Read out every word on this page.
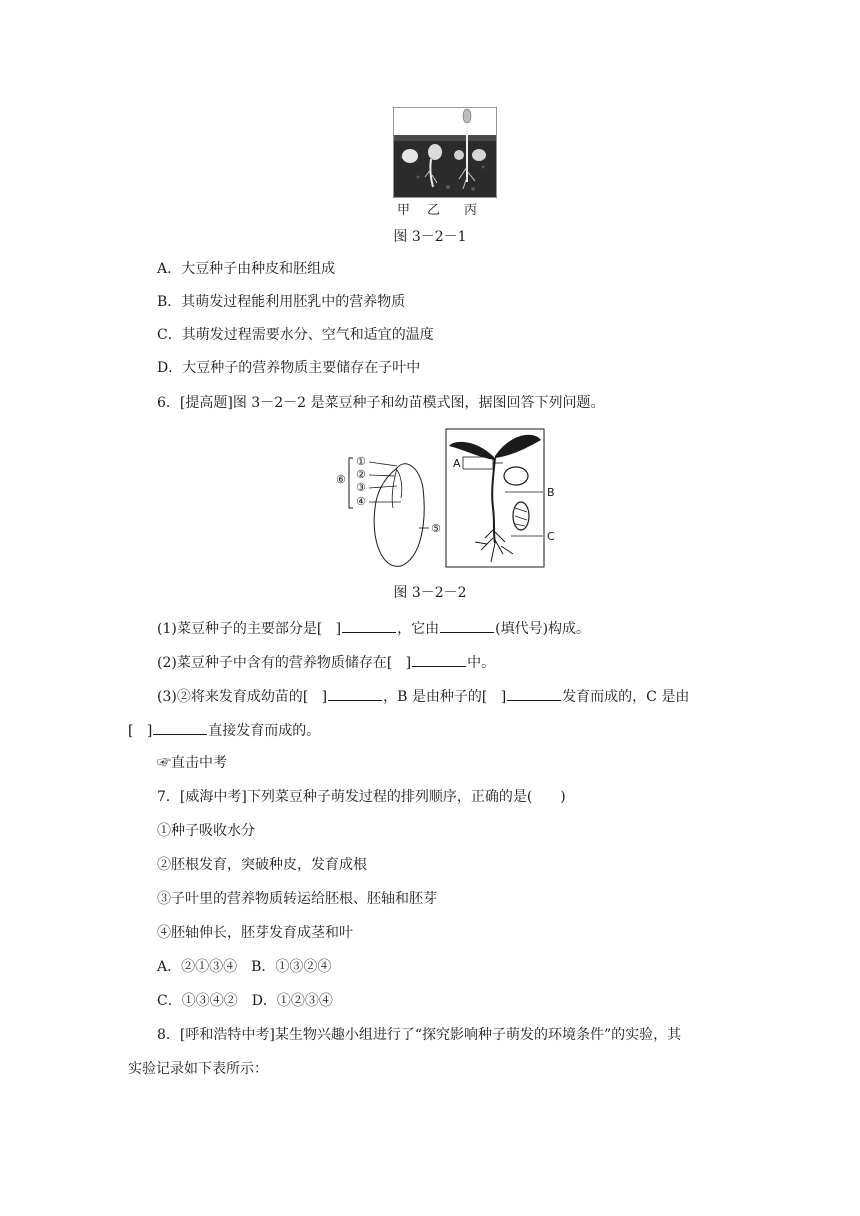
甲 乙 丙
图 3－2－1
A．大豆种子由种皮和胚组成
B．其萌发过程能利用胚乳中的营养物质
C．其萌发过程需要水分、空气和适宜的温度
D．大豆种子的营养物质主要储存在子叶中
6．[提高题]图 3－2－2 是菜豆种子和幼苗模式图，据图回答下列问题。
⑥
①
②
③
④
⑤
A
B
C
图 3－2－2
(1)菜豆种子的主要部分是[ ]	，它由	(填代号)构成。
(2)菜豆种子中含有的营养物质储存在[ ]	中。
(3)②将来发育成幼苗的[ ]	，B 是由种子的[ ]	发育而成的，C 是由
[ ]	直接发育而成的。
☞直击中考
7．[威海中考]下列菜豆种子萌发过程的排列顺序，正确的是(　　)
①种子吸收水分
②胚根发育，突破种皮，发育成根
③子叶里的营养物质转运给胚根、胚轴和胚芽
④胚轴伸长，胚芽发育成茎和叶
A．②①③④　B．①③②④
C．①③④②　D．①②③④
8．[呼和浩特中考]某生物兴趣小组进行了“探究影响种子萌发的环境条件”的实验，其
实验记录如下表所示：
